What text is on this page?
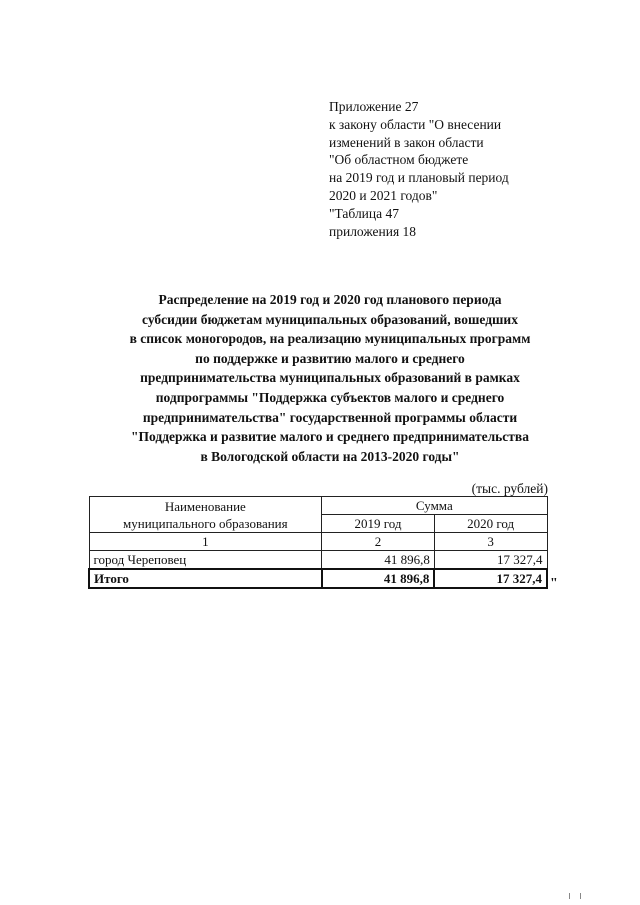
Приложение 27
к закону области "О внесении
изменений в закон области
"Об областном бюджете
на 2019 год и плановый период
2020 и 2021 годов"
"Таблица 47
приложения 18
Распределение на 2019 год и 2020 год планового периода
субсидии бюджетам муниципальных образований, вошедших
в список моногородов, на реализацию муниципальных программ
по поддержке и развитию малого и среднего
предпринимательства муниципальных образований в рамках
подпрограммы "Поддержка субъектов малого и среднего
предпринимательства" государственной программы области
"Поддержка и развитие малого и среднего предпринимательства
в Вологодской области на 2013-2020 годы"
(тыс. рублей)
Наименование
муниципального образования	Сумма	
	2019 год	2020 год
1	2	3
город Череповец	41 896,8	17 327,4
Итого	41 896,8	17 327,4 "
